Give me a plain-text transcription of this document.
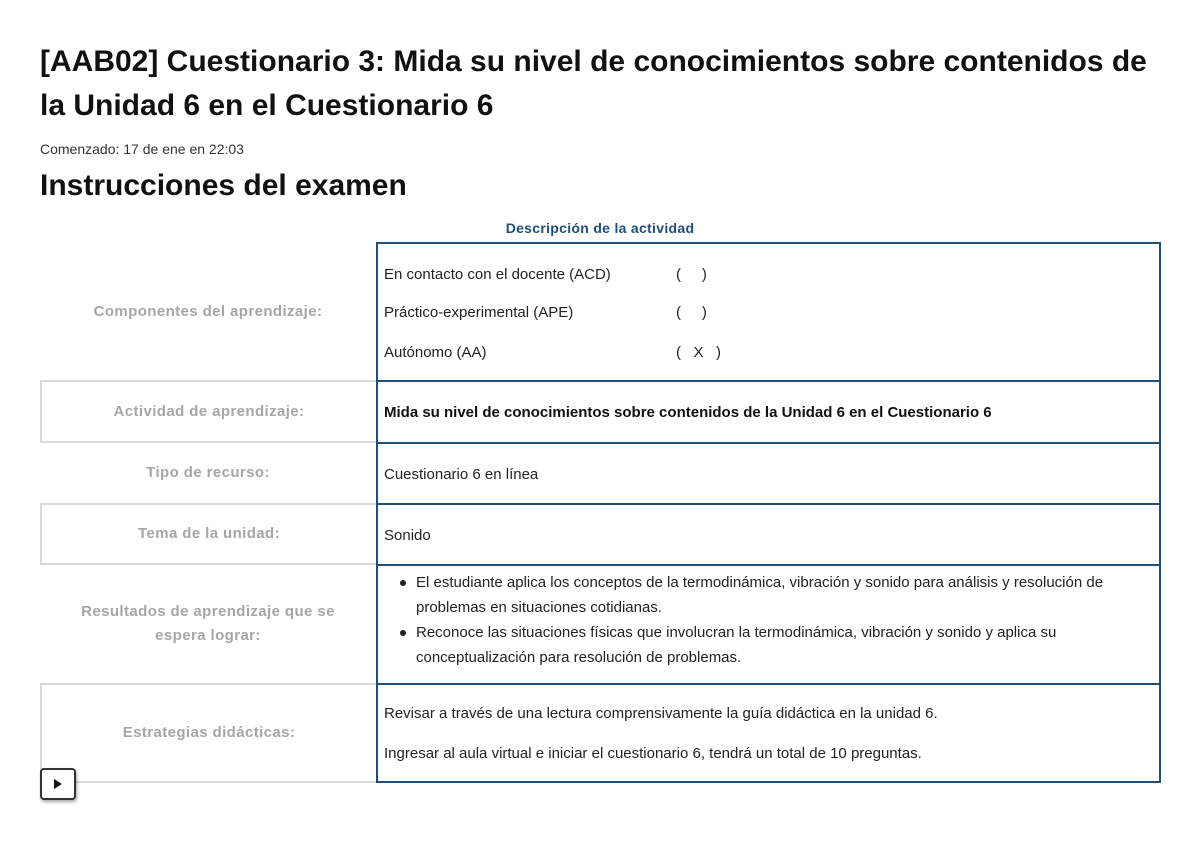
[AAB02] Cuestionario 3: Mida su nivel de conocimientos sobre contenidos de la Unidad 6 en el Cuestionario 6
Comenzado: 17 de ene en 22:03
Instrucciones del examen
Descripción de la actividad
Componentes del aprendizaje:
En contacto con el docente (ACD)	(     )
Práctico-experimental (APE)	(     )
Autónomo (AA)	(   X   )
Actividad de aprendizaje:	Mida su nivel de conocimientos sobre contenidos de la Unidad 6 en el Cuestionario 6
Tipo de recurso:	Cuestionario 6 en línea
Tema de la unidad:	Sonido
Resultados de aprendizaje que se espera lograr:
El estudiante aplica los conceptos de la termodinámica, vibración y sonido para análisis y resolución de problemas en situaciones cotidianas.
Reconoce las situaciones físicas que involucran la termodinámica, vibración y sonido y aplica su conceptualización para resolución de problemas.
Estrategias didácticas:
Revisar a través de una lectura comprensivamente la guía didáctica en la unidad 6.
Ingresar al aula virtual e iniciar el cuestionario 6, tendrá un total de 10 preguntas.
